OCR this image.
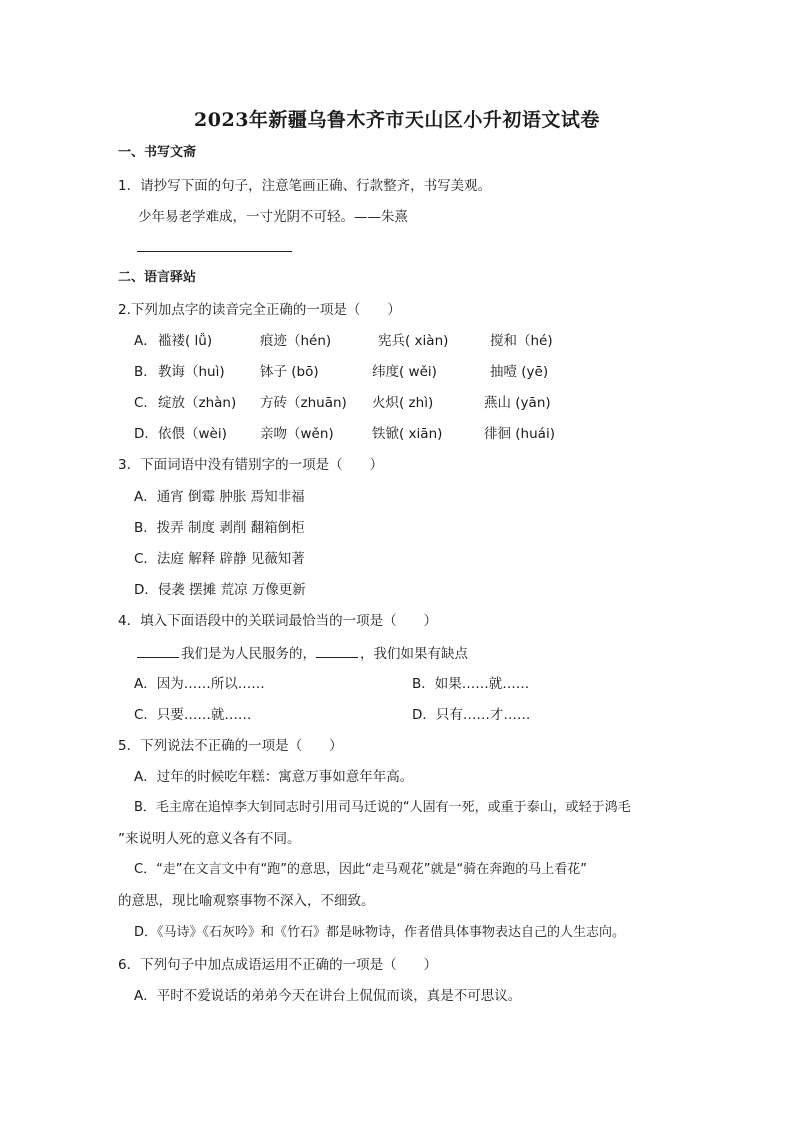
2023年新疆乌鲁木齐市天山区小升初语文试卷
一、书写文斋
1．请抄写下面的句子，注意笔画正确、行款整齐，书写美观。
少年易老学难成，一寸光阴不可轻。——朱熹
二、语言驿站
2.下列加点字的读音完全正确的一项是（　　）
A． 褴褛( lǚ)	痕迹（hén)	宪兵( xiàn)	搅和（hé)
B． 教诲（huì)	钵子 (bō)	纬度( wěi)	抽噎 (yē)
C． 绽放（zhàn) 方砖（zhuān) 火炽( zhì)	燕山 (yān)
D． 依偎（wèi) 亲吻（wěn)	铁锨( xiān)	徘徊 (huái)
3．下面词语中没有错别字的一项是（　　）
A．通宵 倒霉 肿胀 焉知非福
B．拨弄 制度 剥削 翻箱倒柜
C．法庭 解释 辟静 见薇知著
D．侵袭 摆摊 荒凉 万像更新
4．填入下面语段中的关联词最恰当的一项是（　　）
我们是为人民服务的，	，我们如果有缺点
A．因为……所以……	B．如果……就……
C．只要……就……	D．只有……才……
5．下列说法不正确的一项是（　　）
A．过年的时候吃年糕：寓意万事如意年年高。
B．毛主席在追悼李大钊同志时引用司马迁说的“人固有一死，或重于泰山，或轻于鸿毛
”来说明人死的意义各有不同。
C．“走”在文言文中有“跑”的意思，因此“走马观花”就是“骑在奔跑的马上看花”
的意思，现比喻观察事物不深入，不细致。
D．《马诗》《石灰吟》和《竹石》都是咏物诗，作者借具体事物表达自己的人生志向。
6．下列句子中加点成语运用不正确的一项是（　　）
A．平时不爱说话的弟弟今天在讲台上侃侃而谈，真是不可思议。
